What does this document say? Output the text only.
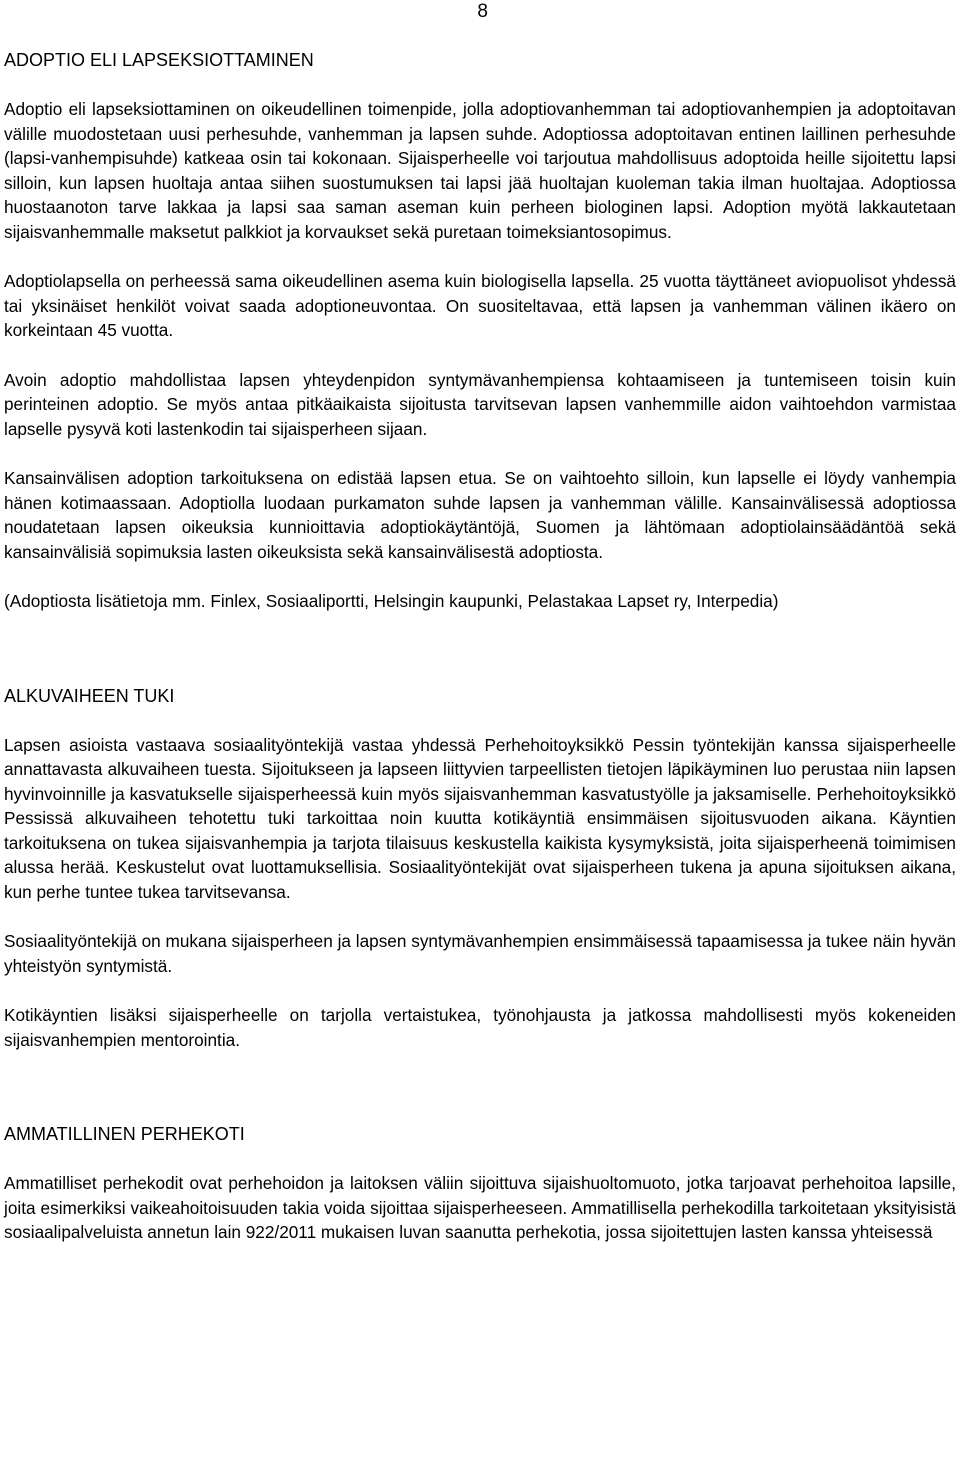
8

ADOPTIO ELI LAPSEKSIOTTAMINEN

Adoptio eli lapseksiottaminen on oikeudellinen toimenpide, jolla adoptiovanhemman tai adoptiovanhempien ja adoptoitavan välille muodostetaan uusi perhesuhde, vanhemman ja lapsen suhde. Adoptiossa adoptoitavan entinen laillinen perhesuhde (lapsi-vanhempisuhde) katkeaa osin tai kokonaan. Sijaisperheelle voi tarjoutua mahdollisuus adoptoida heille sijoitettu lapsi silloin, kun lapsen huoltaja antaa siihen suostumuksen tai lapsi jää huoltajan kuoleman takia ilman huoltajaa. Adoptiossa huostaanoton tarve lakkaa ja lapsi saa saman aseman kuin perheen biologinen lapsi. Adoption myötä lakkautetaan sijaisvanhemmalle maksetut palkkiot ja korvaukset sekä puretaan toimeksiantosopimus.

Adoptiolapsella on perheessä sama oikeudellinen asema kuin biologisella lapsella. 25 vuotta täyttäneet aviopuolisot yhdessä tai yksinäiset henkilöt voivat saada adoptioneuvontaa. On suositeltavaa, että lapsen ja vanhemman välinen ikäero on korkeintaan 45 vuotta.

Avoin adoptio mahdollistaa lapsen yhteydenpidon syntymävanhempiensa kohtaamiseen ja tuntemiseen toisin kuin perinteinen adoptio. Se myös antaa pitkäaikaista sijoitusta tarvitsevan lapsen vanhemmille aidon vaihtoehdon varmistaa lapselle pysyvä koti lastenkodin tai sijaisperheen sijaan.

Kansainvälisen adoption tarkoituksena on edistää lapsen etua. Se on vaihtoehto silloin, kun lapselle ei löydy vanhempia hänen kotimaassaan. Adoptiolla luodaan purkamaton suhde lapsen ja vanhemman välille. Kansainvälisessä adoptiossa noudatetaan lapsen oikeuksia kunnioittavia adoptiokäytäntöjä, Suomen ja lähtömaan adoptiolainsäädäntöä sekä kansainvälisiä sopimuksia lasten oikeuksista sekä kansainvälisestä adoptiosta.

(Adoptiosta lisätietoja mm. Finlex, Sosiaaliportti, Helsingin kaupunki, Pelastakaa Lapset ry, Interpedia)

ALKUVAIHEEN TUKI

Lapsen asioista vastaava sosiaalityöntekijä vastaa yhdessä Perhehoitoyksikkö Pessin työntekijän kanssa sijaisperheelle annattavasta alkuvaiheen tuesta. Sijoitukseen ja lapseen liittyvien tarpeellisten tietojen läpikäyminen luo perustaa niin lapsen hyvinvoinnille ja kasvatukselle sijaisperheessä kuin myös sijaisvanhemman kasvatustyölle ja jaksamiselle. Perhehoitoyksikkö Pessissä alkuvaiheen tehotettu tuki tarkoittaa noin kuutta kotikäyntiä ensimmäisen sijoitusvuoden aikana. Käyntien tarkoituksena on tukea sijaisvanhempia ja tarjota tilaisuus keskustella kaikista kysymyksistä, joita sijaisperheenä toimimisen alussa herää. Keskustelut ovat luottamuksellisia. Sosiaalityöntekijät ovat sijaisperheen tukena ja apuna sijoituksen aikana, kun perhe tuntee tukea tarvitsevansa.

Sosiaalityöntekijä on mukana sijaisperheen ja lapsen syntymävanhempien ensimmäisessä tapaamisessa ja tukee näin hyvän yhteistyön syntymistä.

Kotikäyntien lisäksi sijaisperheelle on tarjolla vertaistukea, työnohjausta ja jatkossa mahdollisesti myös kokeneiden sijaisvanhempien mentorointia.

AMMATILLINEN PERHEKOTI

Ammatilliset perhekodit ovat perhehoidon ja laitoksen väliin sijoittuva sijaishuoltomuoto, jotka tarjoavat perhehoitoa lapsille, joita esimerkiksi vaikeahoitoisuuden takia voida sijoittaa sijaisperheeseen. Ammatillisella perhekodilla tarkoitetaan yksityisistä sosiaalipalveluista annetun lain 922/2011 mukaisen luvan saanutta perhekotia, jossa sijoitettujen lasten kanssa yhteisessä
